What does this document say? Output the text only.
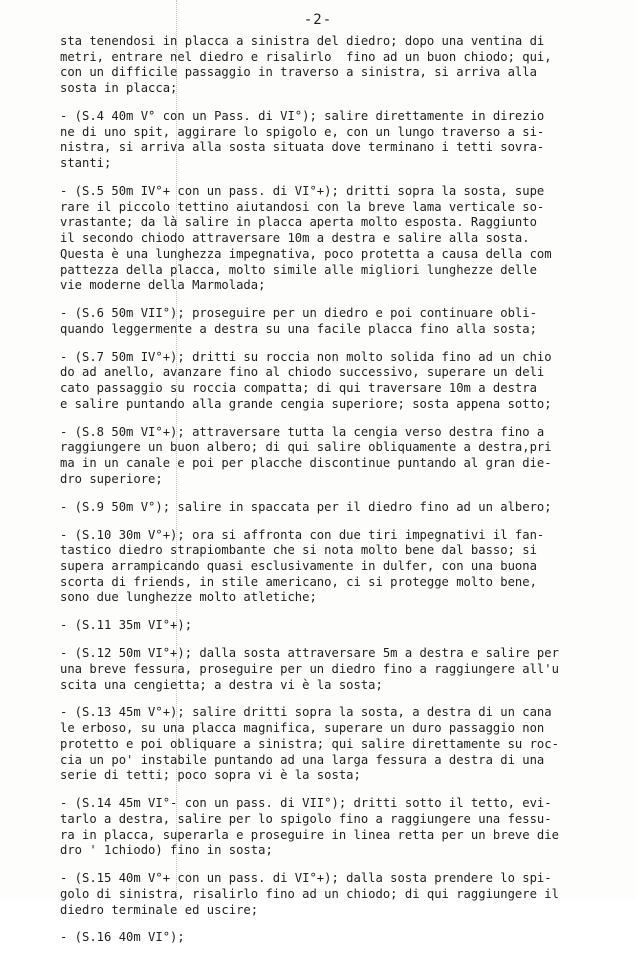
-2-
sta tenendosi in placca a sinistra del diedro; dopo una ventina di
metri, entrare nel diedro e risalirlo  fino ad un buon chiodo; qui,
con un difficile passaggio in traverso a sinistra, si arriva alla
sosta in placca;
- (S.4 40m V° con un Pass. di VI°); salire direttamente in direzio
ne di uno spit, aggirare lo spigolo e, con un lungo traverso a si-
nistra, si arriva alla sosta situata dove terminano i tetti sovra-
stanti;
- (S.5 50m IV°+ con un pass. di VI°+); dritti sopra la sosta, supe
rare il piccolo tettino aiutandosi con la breve lama verticale so-
vrastante; da là salire in placca aperta molto esposta. Raggiunto
il secondo chiodo attraversare 10m a destra e salire alla sosta.
Questa è una lunghezza impegnativa, poco protetta a causa della com
pattezza della placca, molto simile alle migliori lunghezze delle
vie moderne della Marmolada;
- (S.6 50m VII°); proseguire per un diedro e poi continuare obli-
quando leggermente a destra su una facile placca fino alla sosta;
- (S.7 50m IV°+); dritti su roccia non molto solida fino ad un chio
do ad anello, avanzare fino al chiodo successivo, superare un deli
cato passaggio su roccia compatta; di qui traversare 10m a destra
e salire puntando alla grande cengia superiore; sosta appena sotto;
- (S.8 50m VI°+); attraversare tutta la cengia verso destra fino a
raggiungere un buon albero; di qui salire obliquamente a destra,pri
ma in un canale e poi per placche discontinue puntando al gran die-
dro superiore;
- (S.9 50m V°); salire in spaccata per il diedro fino ad un albero;
- (S.10 30m V°+); ora si affronta con due tiri impegnativi il fan-
tastico diedro strapiombante che si nota molto bene dal basso; si
supera arrampicando quasi esclusivamente in dulfer, con una buona
scorta di friends, in stile americano, ci si protegge molto bene,
sono due lunghezze molto atletiche;
- (S.11 35m VI°+);
- (S.12 50m VI°+); dalla sosta attraversare 5m a destra e salire per
una breve fessura, proseguire per un diedro fino a raggiungere all'u
scita una cengietta; a destra vi è la sosta;
- (S.13 45m V°+); salire dritti sopra la sosta, a destra di un cana
le erboso, su una placca magnifica, superare un duro passaggio non
protetto e poi obliquare a sinistra; qui salire direttamente su roc-
cia un po' instabile puntando ad una larga fessura a destra di una
serie di tetti; poco sopra vi è la sosta;
- (S.14 45m VI°- con un pass. di VII°); dritti sotto il tetto, evi-
tarlo a destra, salire per lo spigolo fino a raggiungere una fessu-
ra in placca, superarla e proseguire in linea retta per un breve die
dro ' 1chiodo) fino in sosta;
- (S.15 40m V°+ con un pass. di VI°+); dalla sosta prendere lo spi-
golo di sinistra, risalirlo fino ad un chiodo; di qui raggiungere il
diedro terminale ed uscire;
- (S.16 40m VI°);
